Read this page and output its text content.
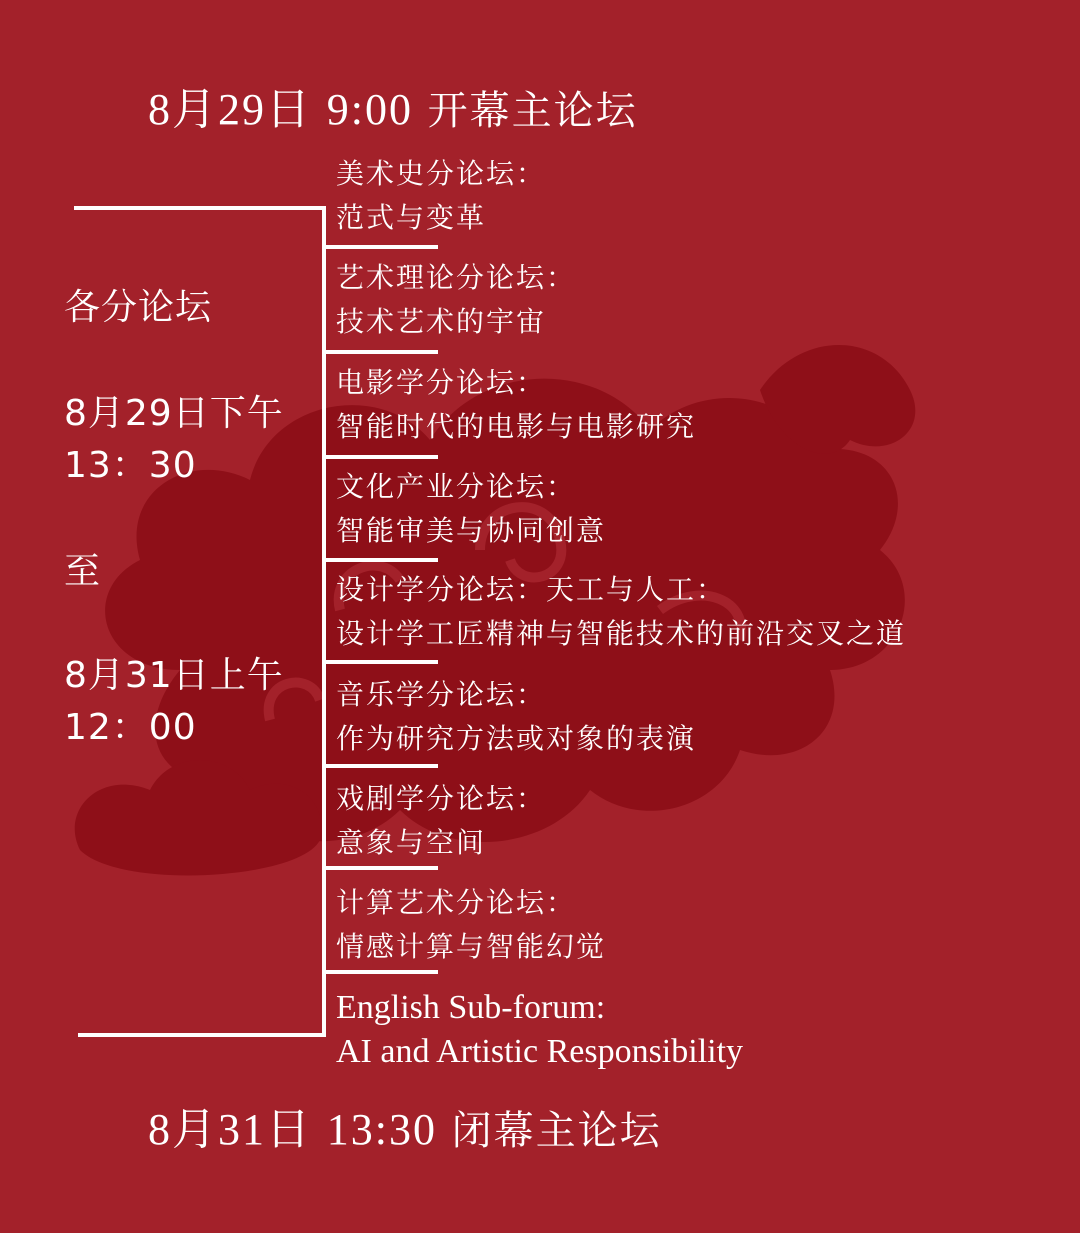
8月29日 9:00 开幕主论坛
各分论坛
8月29日下午
13：30
至
8月31日上午
12：00
美术史分论坛：
范式与变革
艺术理论分论坛：
技术艺术的宇宙
电影学分论坛：
智能时代的电影与电影研究
文化产业分论坛：
智能审美与协同创意
设计学分论坛：天工与人工：
设计学工匠精神与智能技术的前沿交叉之道
音乐学分论坛：
作为研究方法或对象的表演
戏剧学分论坛：
意象与空间
计算艺术分论坛：
情感计算与智能幻觉
English Sub-forum:
AI and Artistic Responsibility
8月31日 13:30 闭幕主论坛
